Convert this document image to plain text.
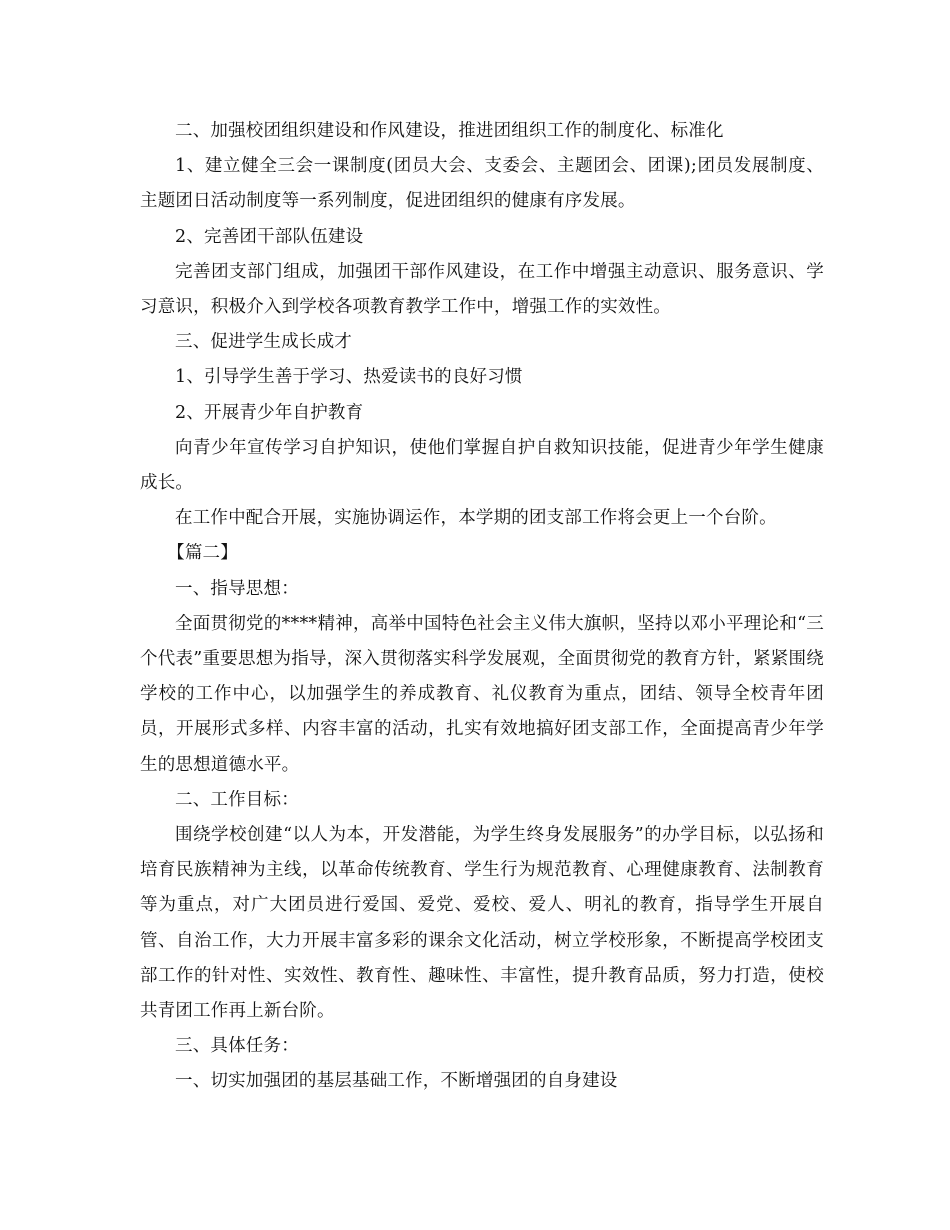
二、加强校团组织建设和作风建设，推进团组织工作的制度化、标准化

1、建立健全三会一课制度(团员大会、支委会、主题团会、团课);团员发展制度、主题团日活动制度等一系列制度，促进团组织的健康有序发展。

2、完善团干部队伍建设

完善团支部门组成，加强团干部作风建设，在工作中增强主动意识、服务意识、学习意识，积极介入到学校各项教育教学工作中，增强工作的实效性。

三、促进学生成长成才

1、引导学生善于学习、热爱读书的良好习惯

2、开展青少年自护教育

向青少年宣传学习自护知识，使他们掌握自护自救知识技能，促进青少年学生健康成长。

在工作中配合开展，实施协调运作，本学期的团支部工作将会更上一个台阶。

【篇二】

一、指导思想：

全面贯彻党的****精神，高举中国特色社会主义伟大旗帜，坚持以邓小平理论和“三个代表”重要思想为指导，深入贯彻落实科学发展观，全面贯彻党的教育方针，紧紧围绕学校的工作中心，以加强学生的养成教育、礼仪教育为重点，团结、领导全校青年团员，开展形式多样、内容丰富的活动，扎实有效地搞好团支部工作，全面提高青少年学生的思想道德水平。

二、工作目标：

围绕学校创建“以人为本，开发潜能，为学生终身发展服务”的办学目标，以弘扬和培育民族精神为主线，以革命传统教育、学生行为规范教育、心理健康教育、法制教育等为重点，对广大团员进行爱国、爱党、爱校、爱人、明礼的教育，指导学生开展自管、自治工作，大力开展丰富多彩的课余文化活动，树立学校形象，不断提高学校团支部工作的针对性、实效性、教育性、趣味性、丰富性，提升教育品质，努力打造，使校共青团工作再上新台阶。

三、具体任务：

一、切实加强团的基层基础工作，不断增强团的自身建设
